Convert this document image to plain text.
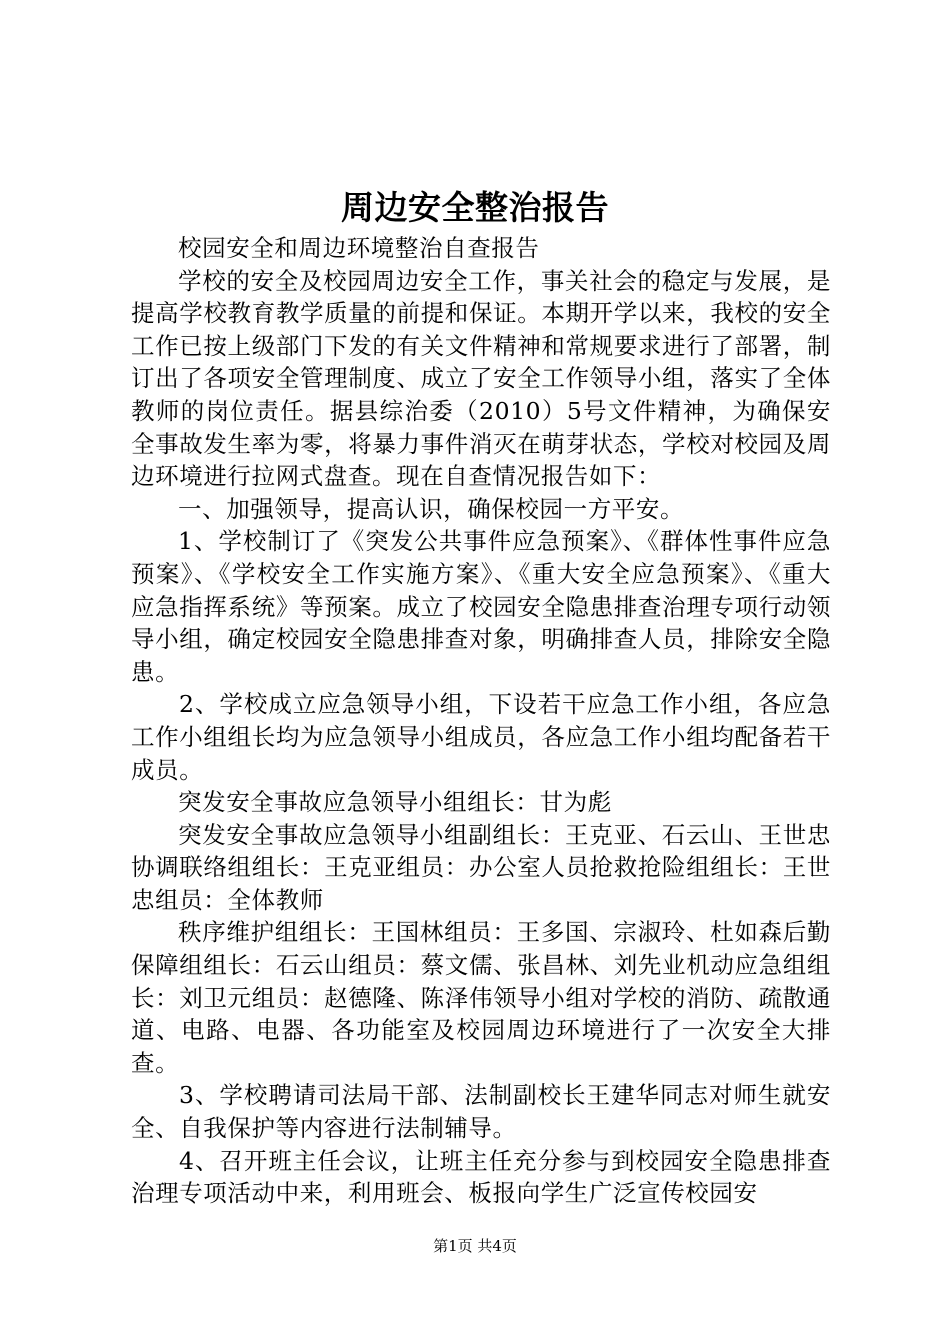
周边安全整治报告

校园安全和周边环境整治自查报告

学校的安全及校园周边安全工作，事关社会的稳定与发展，是提高学校教育教学质量的前提和保证。本期开学以来，我校的安全工作已按上级部门下发的有关文件精神和常规要求进行了部署，制订出了各项安全管理制度、成立了安全工作领导小组，落实了全体教师的岗位责任。据县综治委（2010）5号文件精神，为确保安全事故发生率为零，将暴力事件消灭在萌芽状态，学校对校园及周边环境进行拉网式盘查。现在自查情况报告如下：

一、加强领导，提高认识，确保校园一方平安。

1、学校制订了《突发公共事件应急预案》、《群体性事件应急预案》、《学校安全工作实施方案》、《重大安全应急预案》、《重大应急指挥系统》等预案。成立了校园安全隐患排查治理专项行动领导小组，确定校园安全隐患排查对象，明确排查人员，排除安全隐患。

2、学校成立应急领导小组，下设若干应急工作小组，各应急工作小组组长均为应急领导小组成员，各应急工作小组均配备若干成员。

突发安全事故应急领导小组组长：甘为彪

突发安全事故应急领导小组副组长：王克亚、石云山、王世忠协调联络组组长：王克亚组员：办公室人员抢救抢险组组长：王世忠组员：全体教师

秩序维护组组长：王国林组员：王多国、宗淑玲、杜如森后勤保障组组长：石云山组员：蔡文儒、张昌林、刘先业机动应急组组长：刘卫元组员：赵德隆、陈泽伟领导小组对学校的消防、疏散通道、电路、电器、各功能室及校园周边环境进行了一次安全大排查。

3、学校聘请司法局干部、法制副校长王建华同志对师生就安全、自我保护等内容进行法制辅导。

4、召开班主任会议，让班主任充分参与到校园安全隐患排查治理专项活动中来，利用班会、板报向学生广泛宣传校园安

第1页 共4页
